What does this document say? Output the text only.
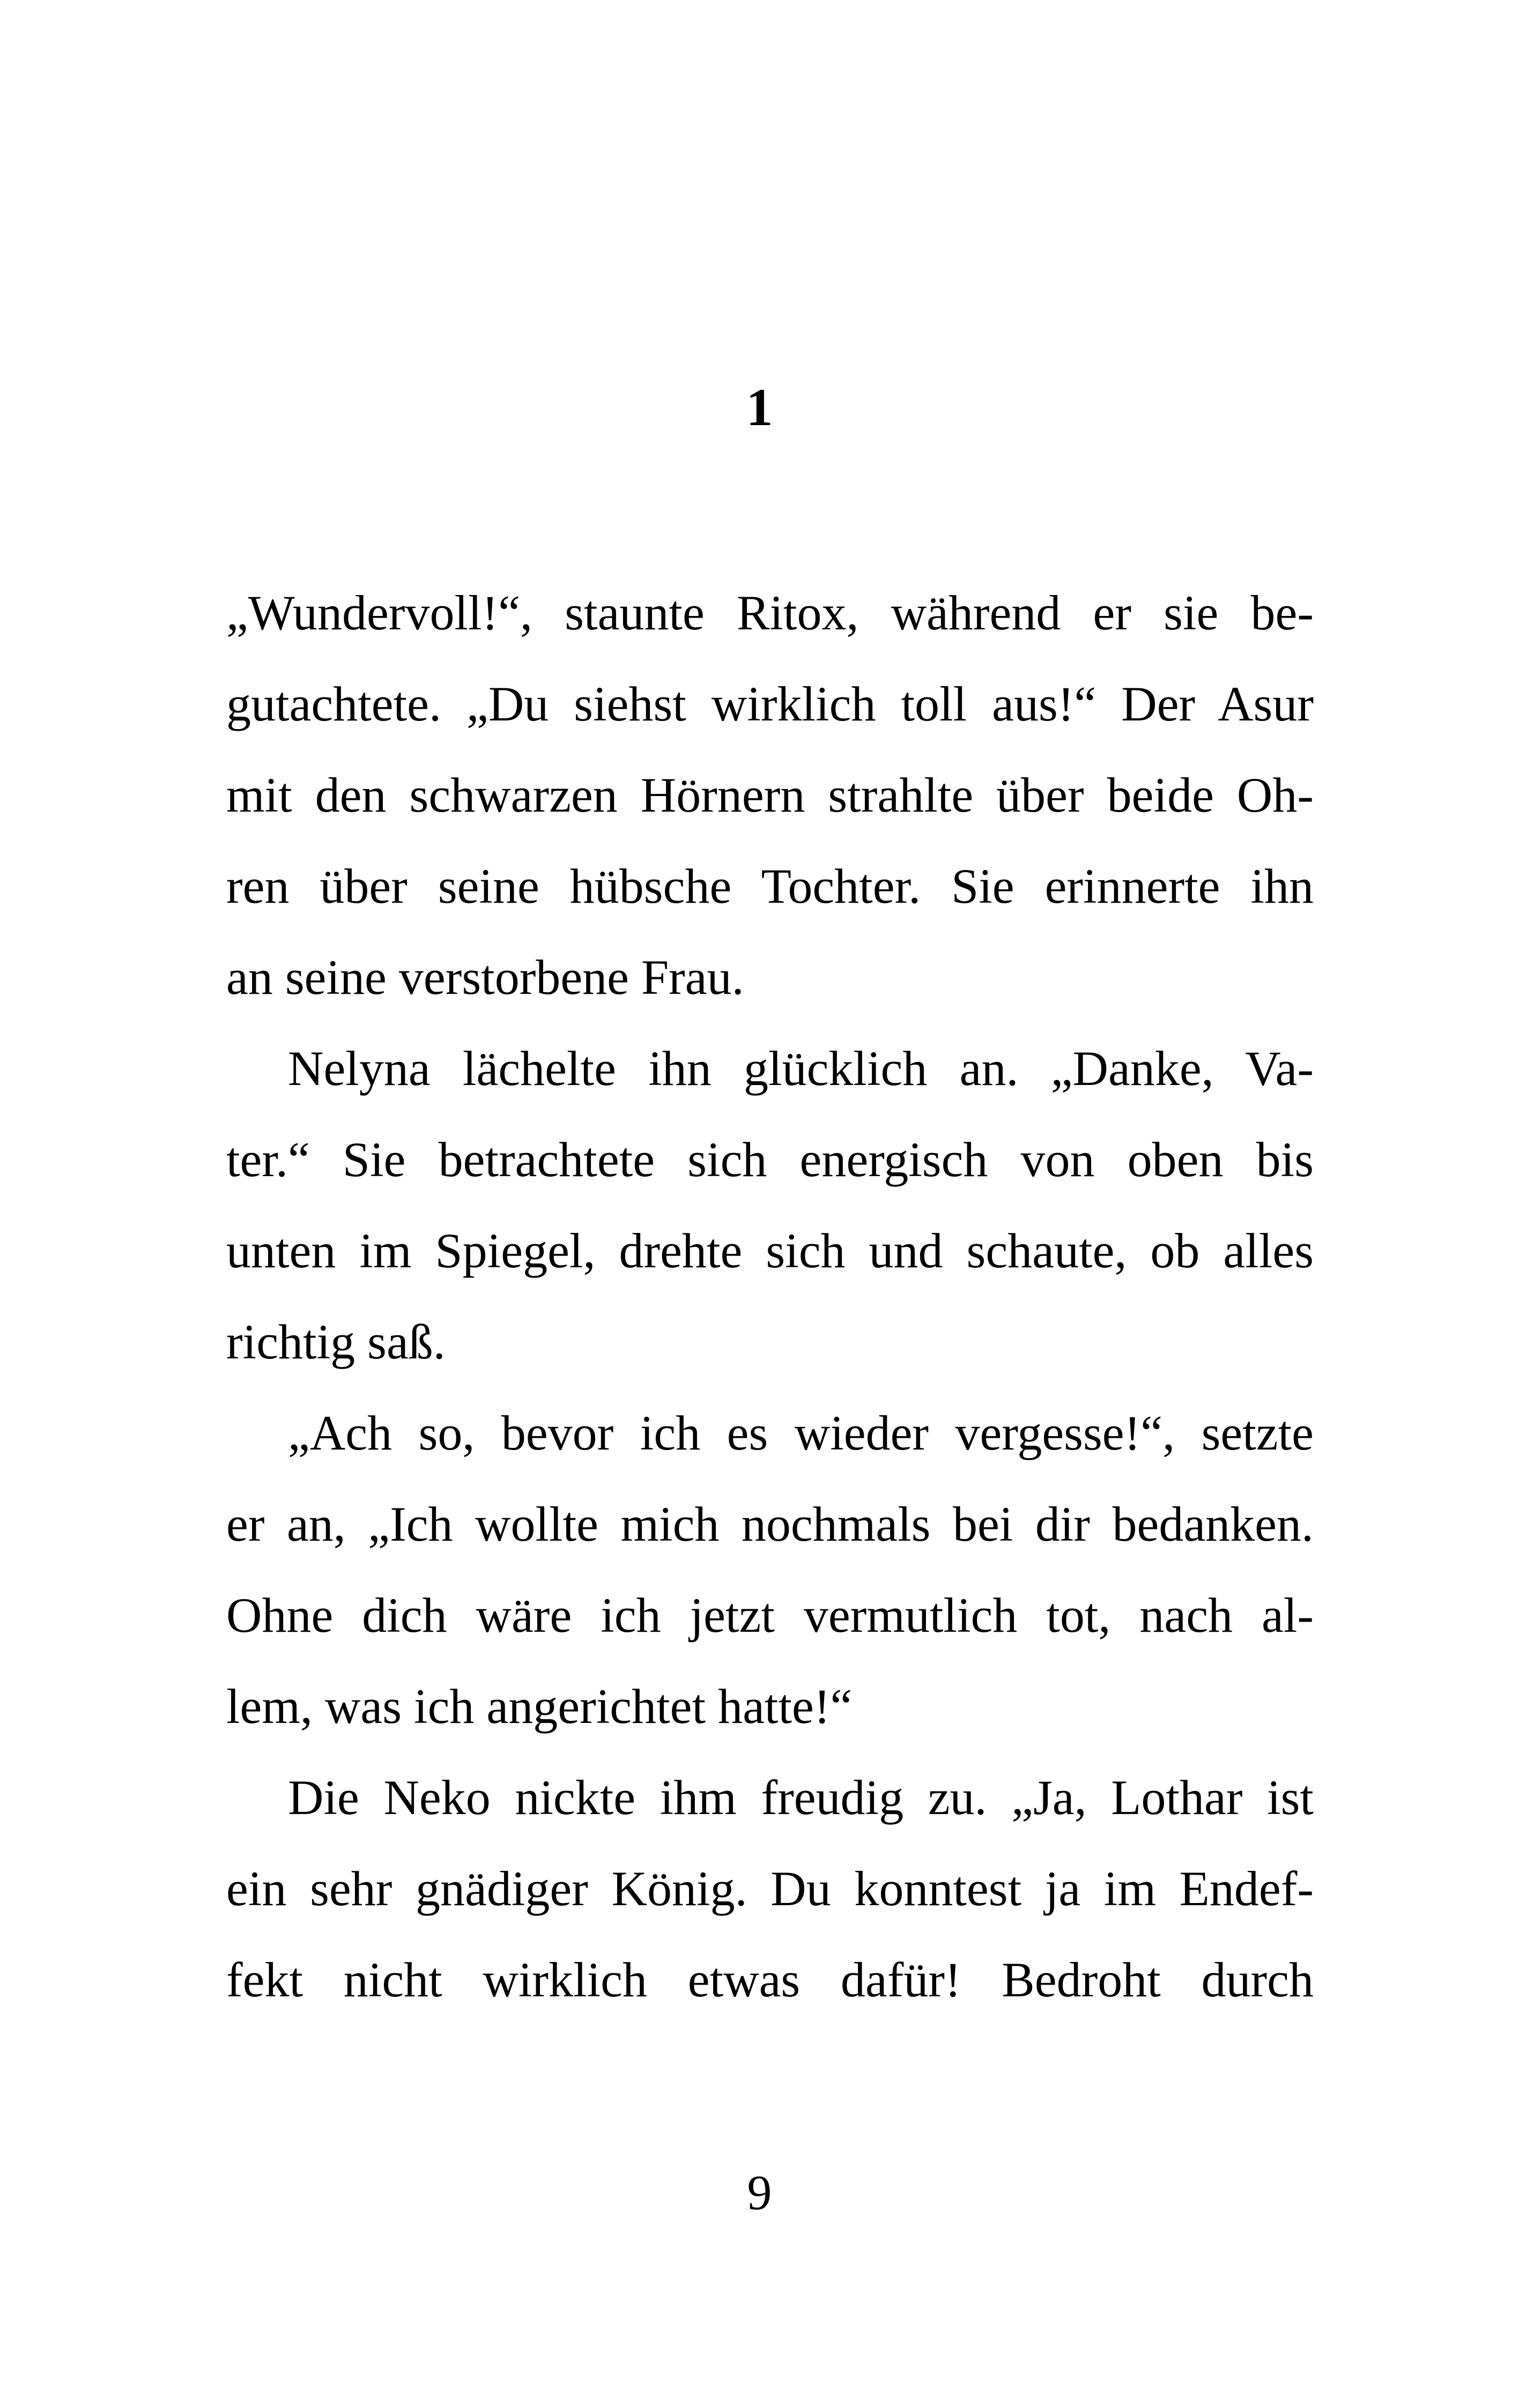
1
„Wundervoll!“, staunte Ritox, während er sie be-
gutachtete. „Du siehst wirklich toll aus!“ Der Asur
mit den schwarzen Hörnern strahlte über beide Oh-
ren über seine hübsche Tochter. Sie erinnerte ihn
an seine verstorbene Frau.
Nelyna lächelte ihn glücklich an. „Danke, Va-
ter.“ Sie betrachtete sich energisch von oben bis
unten im Spiegel, drehte sich und schaute, ob alles
richtig saß.
„Ach so, bevor ich es wieder vergesse!“, setzte
er an, „Ich wollte mich nochmals bei dir bedanken.
Ohne dich wäre ich jetzt vermutlich tot, nach al-
lem, was ich angerichtet hatte!“
Die Neko nickte ihm freudig zu. „Ja, Lothar ist
ein sehr gnädiger König. Du konntest ja im Endef-
fekt nicht wirklich etwas dafür! Bedroht durch
9
